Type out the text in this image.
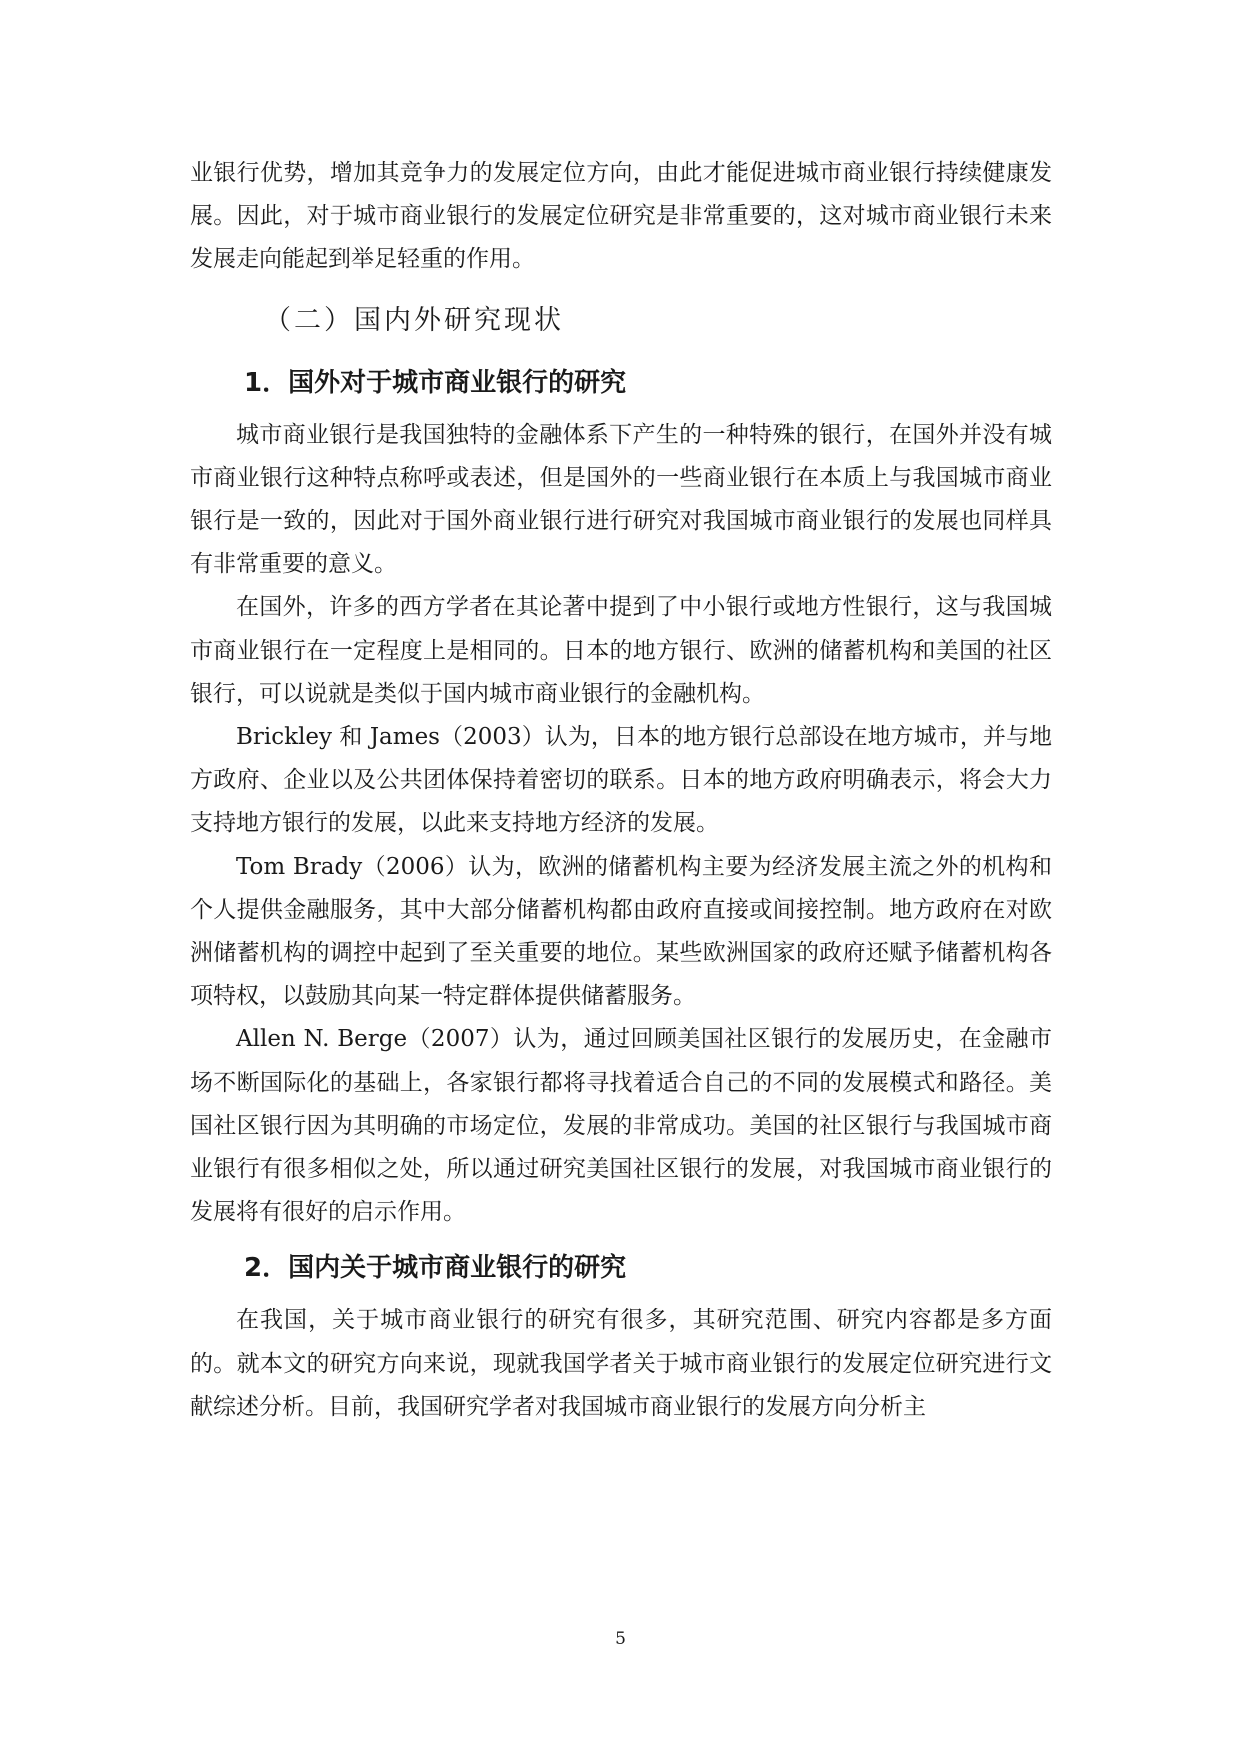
业银行优势，增加其竞争力的发展定位方向，由此才能促进城市商业银行持续健康发展。因此，对于城市商业银行的发展定位研究是非常重要的，这对城市商业银行未来发展走向能起到举足轻重的作用。

（二）国内外研究现状
1．国外对于城市商业银行的研究

城市商业银行是我国独特的金融体系下产生的一种特殊的银行，在国外并没有城市商业银行这种特点称呼或表述，但是国外的一些商业银行在本质上与我国城市商业银行是一致的，因此对于国外商业银行进行研究对我国城市商业银行的发展也同样具有非常重要的意义。

在国外，许多的西方学者在其论著中提到了中小银行或地方性银行，这与我国城市商业银行在一定程度上是相同的。日本的地方银行、欧洲的储蓄机构和美国的社区银行，可以说就是类似于国内城市商业银行的金融机构。

Brickley 和 James（2003）认为，日本的地方银行总部设在地方城市，并与地方政府、企业以及公共团体保持着密切的联系。日本的地方政府明确表示，将会大力支持地方银行的发展，以此来支持地方经济的发展。

Tom Brady（2006）认为，欧洲的储蓄机构主要为经济发展主流之外的机构和个人提供金融服务，其中大部分储蓄机构都由政府直接或间接控制。地方政府在对欧洲储蓄机构的调控中起到了至关重要的地位。某些欧洲国家的政府还赋予储蓄机构各项特权，以鼓励其向某一特定群体提供储蓄服务。

Allen N. Berge（2007）认为，通过回顾美国社区银行的发展历史，在金融市场不断国际化的基础上，各家银行都将寻找着适合自己的不同的发展模式和路径。美国社区银行因为其明确的市场定位，发展的非常成功。美国的社区银行与我国城市商业银行有很多相似之处，所以通过研究美国社区银行的发展，对我国城市商业银行的发展将有很好的启示作用。

2．国内关于城市商业银行的研究

在我国，关于城市商业银行的研究有很多，其研究范围、研究内容都是多方面的。就本文的研究方向来说，现就我国学者关于城市商业银行的发展定位研究进行文献综述分析。目前，我国研究学者对我国城市商业银行的发展方向分析主

5
